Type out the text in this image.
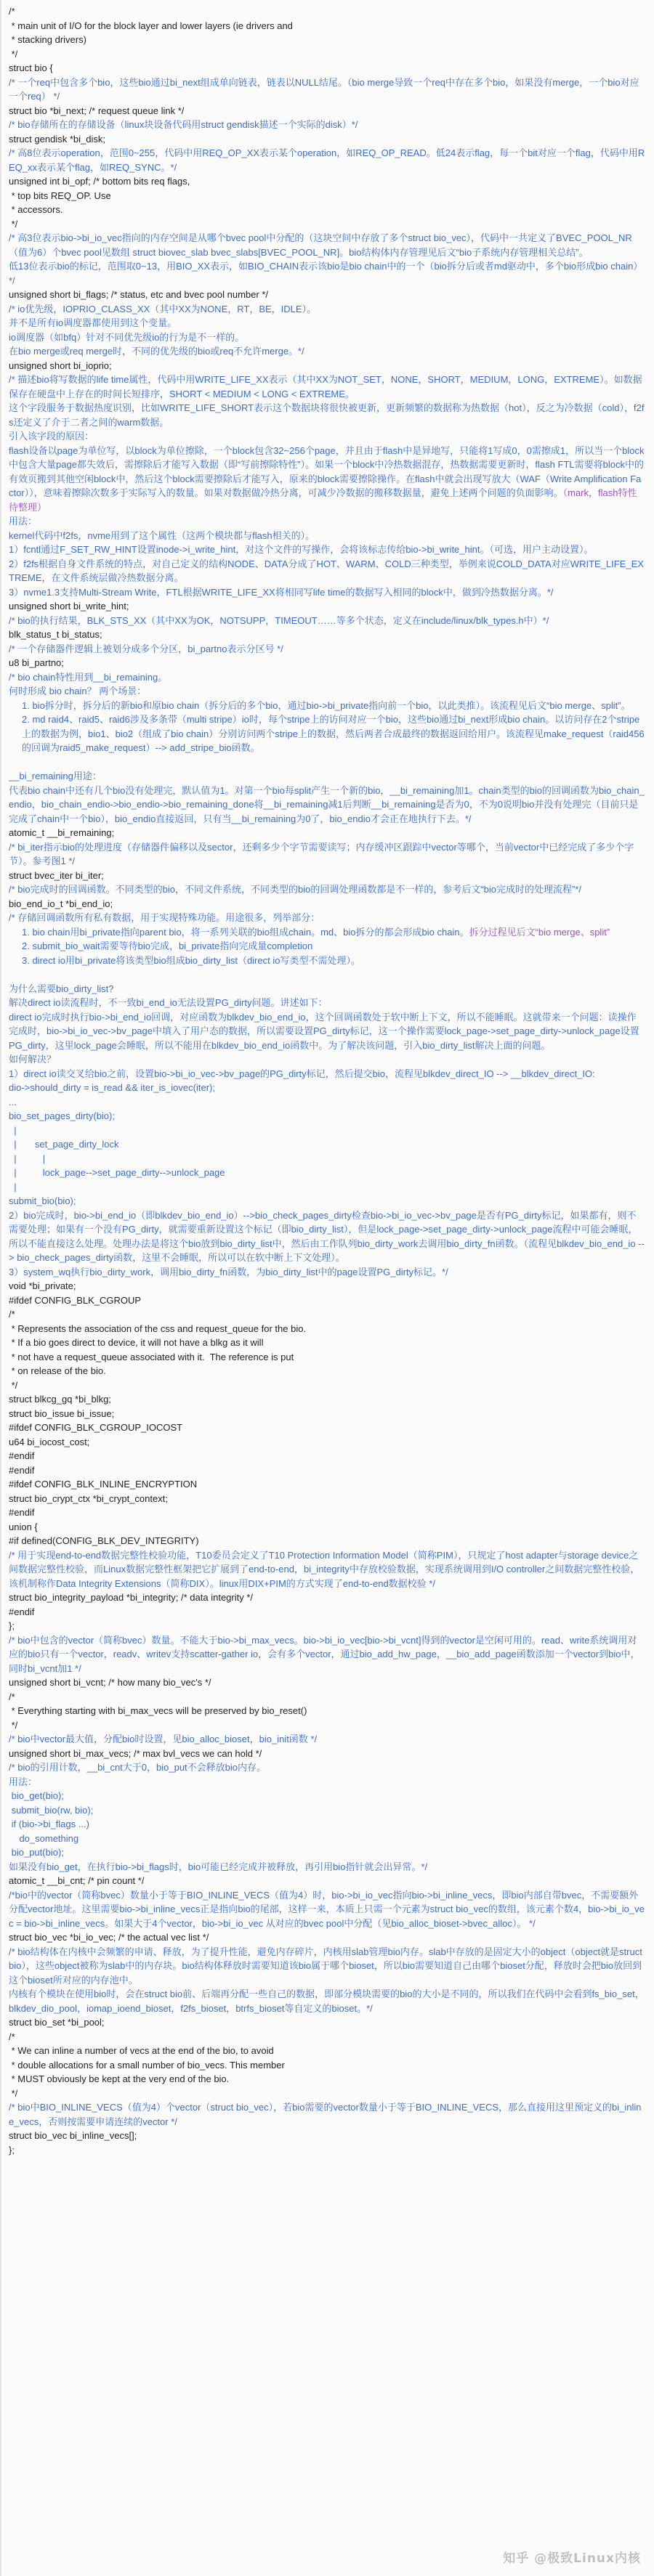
/*
* main unit of I/O for the block layer and lower layers (ie drivers and
* stacking drivers)
*/
struct bio {
/* 一个req中包含多个bio，这些bio通过bi_next组成单向链表，链表以NULL结尾。（bio merge导致一个req中存在多个bio，如果没有merge，一个bio对应一个req） */
struct bio *bi_next; /* request queue link */
/* bio存储所在的存储设备（linux块设备代码用struct gendisk描述一个实际的disk）*/
struct gendisk *bi_disk;
/* 高8位表示operation，范围0~255，代码中用REQ_OP_XX表示某个operation，如REQ_OP_READ。低24表示flag，每一个bit对应一个flag，代码中用REQ_xx表示某个flag，如REQ_SYNC。*/
unsigned int bi_opf; /* bottom bits req flags,
* top bits REQ_OP. Use
* accessors.
*/
/* 高3位表示bio->bi_io_vec指向的内存空间是从哪个bvec pool中分配的（这块空间中存放了多个struct bio_vec），代码中一共定义了BVEC_POOL_NR（值为6）个bvec pool见数组 struct biovec_slab bvec_slabs[BVEC_POOL_NR]。bio结构体内存管理见后文“bio子系统内存管理相关总结”。
低13位表示bio的标记，范围取0~13，用BIO_XX表示，如BIO_CHAIN表示该bio是bio chain中的一个（bio拆分后或者md驱动中，多个bio形成bio chain）*/
unsigned short bi_flags; /* status, etc and bvec pool number */
/* io优先级，IOPRIO_CLASS_XX（其中XX为NONE，RT，BE，IDLE）。
并不是所有io调度器都使用到这个变量。
io调度器（如bfq）针对不同优先级io的行为是不一样的。
在bio merge或req merge时，不同的优先级的bio或req不允许merge。*/
unsigned short bi_ioprio;
/* 描述bio将写数据的life time属性，代码中用WRITE_LIFE_XX表示（其中XX为NOT_SET，NONE，SHORT，MEDIUM，LONG，EXTREME）。如数据保存在硬盘中上存在的时间长短排序，SHORT < MEDIUM < LONG < EXTREME。
这个字段服务于数据热度识别，比如WRITE_LIFE_SHORT表示这个数据块将很快被更新，更新频繁的数据称为热数据（hot），反之为冷数据（cold），f2fs还定义了介于二者之间的warm数据。
引入该字段的原因：
flash设备以page为单位写，以block为单位擦除，一个block包含32~256个page，并且由于flash中是异地写，只能将1写成0，0需擦成1，所以当一个block中包含大量page都失效后，需擦除后才能写入数据（即“写前擦除特性”）。如果一个block中冷热数据混存，热数据需要更新时，flash FTL需要将block中的有效页搬到其他空闲block中，然后这个block需要擦除后才能写入，原来的block需要擦除操作。在flash中就会出现写放大（WAF（Write Amplification Factor）），意味着擦除次数多于实际写入的数量。如果对数据做冷热分离，可减少冷数据的搬移数据量，避免上述两个问题的负面影响。（mark，flash特性待整理）
用法：
kernel代码中f2fs，nvme用到了这个属性（这两个模块都与flash相关的）。
1）fcntl通过F_SET_RW_HINT设置inode->i_write_hint，对这个文件的写操作，会将该标志传给bio->bi_write_hint。（可选，用户主动设置）。
2）f2fs根据自身文件系统的特点，对自己定义的结构NODE、DATA分成了HOT、WARM、COLD三种类型，举例来说COLD_DATA对应WRITE_LIFE_EXTREME，在文件系统层做冷热数据分离。
3）nvme1.3支持Multi-Stream Write，FTL根据WRITE_LIFE_XX将相同写life time的数据写入相同的block中，做到冷热数据分离。*/
unsigned short bi_write_hint;
/* bio的执行结果，BLK_STS_XX（其中XX为OK，NOTSUPP，TIMEOUT……等多个状态，定义在include/linux/blk_types.h中）*/
blk_status_t bi_status;
/* 一个存储器件逻辑上被划分成多个分区，bi_partno表示分区号 */
u8 bi_partno;
/* bio chain特性用到__bi_remaining。
何时形成 bio chain？ 两个场景：
1. bio拆分时，拆分后的新bio和原bio chain（拆分后的多个bio，通过bio->bi_private指向前一个bio，以此类推）。该流程见后文“bio merge、split”。
2. md raid4、raid5、raid6涉及多条带（multi stripe）io时，每个stripe上的访问对应一个bio，这些bio通过bi_next形成bio chain。以访问存在2个stripe上的数据为例，bio1、bio2（组成了bio chain）分别访问两个stripe上的数据，然后两者合成最终的数据返回给用户。该流程见make_request（raid456的回调为raid5_make_request）--> add_stripe_bio函数。
__bi_remaining用途：
代表bio chain中还有几个bio没有处理完，默认值为1。对第一个bio每split产生一个新的bio，__bi_remaining加1。chain类型的bio的回调函数为bio_chain_endio，bio_chain_endio->bio_endio->bio_remaining_done将__bi_remaining减1后判断__bi_remaining是否为0，不为0说明bio并没有处理完（目前只是完成了chain中一个bio），bio_endio直接返回，只有当__bi_remaining为0了，bio_endio才会正在地执行下去。*/
atomic_t __bi_remaining;
/* bi_iter指示bio的处理进度（存储器件偏移以及sector，还剩多少个字节需要读写；内存缓冲区跟踪中vector等哪个，当前vector中已经完成了多少个字节）。参考图1 */
struct bvec_iter bi_iter;
/* bio完成时的回调函数。不同类型的bio，不同文件系统，不同类型的bio的回调处理函数都是不一样的，参考后文“bio完成时的处理流程”*/
bio_end_io_t *bi_end_io;
/* 存储回调函数所有私有数据，用于实现特殊功能。用途很多，列举部分：
1. bio chain用bi_private指向parent bio，将一系列关联的bio组成chain。md、bio拆分的都会形成bio chain。拆分过程见后文“bio merge、split”
2. submit_bio_wait需要等待bio完成，bi_private指向完成量completion
3. direct io用bi_private将该类型bio组成bio_dirty_list（direct io写类型不需处理）。
为什么需要bio_dirty_list?
解决direct io读流程时，不一致bi_end_io无法设置PG_dirty问题。讲述如下：
direct io完成时执行bio->bi_end_io回调，对应函数为blkdev_bio_end_io，这个回调函数处于软中断上下文，所以不能睡眠。这就带来一个问题：读操作完成时，bio->bi_io_vec->bv_page中填入了用户态的数据，所以需要设置PG_dirty标记，这一个操作需要lock_page->set_page_dirty->unlock_page设置PG_dirty，这里lock_page会睡眠，所以不能用在blkdev_bio_end_io函数中。为了解决该问题，引入bio_dirty_list解决上面的问题。
如何解决？
1）direct io读交叉给bio之前，设置bio->bi_io_vec->bv_page的PG_dirty标记，然后提交bio，流程见blkdev_direct_IO --> __blkdev_direct_IO:
dio->should_dirty = is_read && iter_is_iovec(iter);
...
bio_set_pages_dirty(bio);
|
|       set_page_dirty_lock
|          |
|          lock_page-->set_page_dirty-->unlock_page
|
submit_bio(bio);
2）bio完成时，bio->bi_end_io（即blkdev_bio_end_io）-->bio_check_pages_dirty检查bio->bi_io_vec->bv_page是否有PG_dirty标记，如果都有，则不需要处理；如果有一个没有PG_dirty，就需要重新设置这个标记（即bio_dirty_list），但是lock_page->set_page_dirty->unlock_page流程中可能会睡眠，所以不能直接这么处理。处理办法是将这个bio放到bio_dirty_list中，然后由工作队列bio_dirty_work去调用bio_dirty_fn函数。（流程见blkdev_bio_end_io --> bio_check_pages_dirty函数，这里不会睡眠，所以可以在软中断上下文处理）。
3）system_wq执行bio_dirty_work，调用bio_dirty_fn函数，为bio_dirty_list中的page设置PG_dirty标记。*/
void *bi_private;
#ifdef CONFIG_BLK_CGROUP
/*
* Represents the association of the css and request_queue for the bio.
* If a bio goes direct to device, it will not have a blkg as it will
* not have a request_queue associated with it.  The reference is put
* on release of the bio.
*/
struct blkcg_gq *bi_blkg;
struct bio_issue bi_issue;
#ifdef CONFIG_BLK_CGROUP_IOCOST
u64 bi_iocost_cost;
#endif
#endif
#ifdef CONFIG_BLK_INLINE_ENCRYPTION
struct bio_crypt_ctx *bi_crypt_context;
#endif
union {
#if defined(CONFIG_BLK_DEV_INTEGRITY)
/* 用于实现end-to-end数据完整性校验功能，T10委员会定义了T10 Protection Information Model（简称PIM），只规定了host adapter与storage device之间数据完整性校验，而Linux数据完整性框架把它扩展到了end-to-end，bi_integrity中存放校验数据，实现系统调用到I/O controller之间数据完整性校验，该机制称作Data Integrity Extensions（简称DIX）。linux用DIX+PIM的方式实现了end-to-end数据校验 */
struct bio_integrity_payload *bi_integrity; /* data integrity */
#endif
};
/* bio中包含的vector（简称bvec）数量。不能大于bio->bi_max_vecs。bio->bi_io_vec[bio->bi_vcnt]得到的vector是空闲可用的。read、write系统调用对应的bio只有一个vector，readv、writev支持scatter-gather io，会有多个vector，通过bio_add_hw_page，__bio_add_page函数添加一个vector到bio中，同时bi_vcnt加1 */
unsigned short bi_vcnt; /* how many bio_vec's */
/*
* Everything starting with bi_max_vecs will be preserved by bio_reset()
*/
/* bio中vector最大值，分配bio时设置，见bio_alloc_bioset，bio_init函数 */
unsigned short bi_max_vecs; /* max bvl_vecs we can hold */
/* bio的引用计数，__bi_cnt大于0，bio_put不会释放bio内存。
用法：
bio_get(bio);
submit_bio(rw, bio);
if (bio->bi_flags ...)
do_something
bio_put(bio);
如果没有bio_get，在执行bio->bi_flags时，bio可能已经完成并被释放，再引用bio指针就会出异常。*/
atomic_t __bi_cnt; /* pin count */
/*bio中的vector（简称bvec）数量小于等于BIO_INLINE_VECS（值为4）时，bio->bi_io_vec指向bio->bi_inline_vecs，即bio内部自带bvec，不需要额外分配vector地址。这里需要bio->bi_inline_vecs正是指向bio的尾部，这样一来，本质上只需一个元素为struct bio_vec的数组，该元素个数4，bio->bi_io_vec = bio->bi_inline_vecs。如果大于4个vector，bio->bi_io_vec 从对应的bvec pool中分配（见bio_alloc_bioset->bvec_alloc）。 */
struct bio_vec *bi_io_vec; /* the actual vec list */
/* bio结构体在内核中会频繁的申请、释放，为了提升性能，避免内存碎片，内核用slab管理bio内存。slab中存放的是固定大小的object（object就是struct bio），这些object被称为slab中的内存块。bio结构体释放时需要知道该bio属于哪个bioset，所以bio需要知道自己由哪个bioset分配，释放时会把bio放回到这个bioset所对应的内存池中。
内核有个模块在使用bio时，会在struct bio前、后端再分配一些自己的数据，即部分模块需要的bio的大小是不同的，所以我们在代码中会看到fs_bio_set，blkdev_dio_pool，iomap_ioend_bioset，f2fs_bioset，btrfs_bioset等自定义的bioset。*/
struct bio_set *bi_pool;
/*
* We can inline a number of vecs at the end of the bio, to avoid
* double allocations for a small number of bio_vecs. This member
* MUST obviously be kept at the very end of the bio.
*/
/* bio中BIO_INLINE_VECS（值为4）个vector（struct bio_vec），若bio需要的vector数量小于等于BIO_INLINE_VECS，那么直接用这里预定义的bi_inline_vecs，否则按需要申请连续的vector */
struct bio_vec bi_inline_vecs[];
};
知乎 @极致Linux内核
